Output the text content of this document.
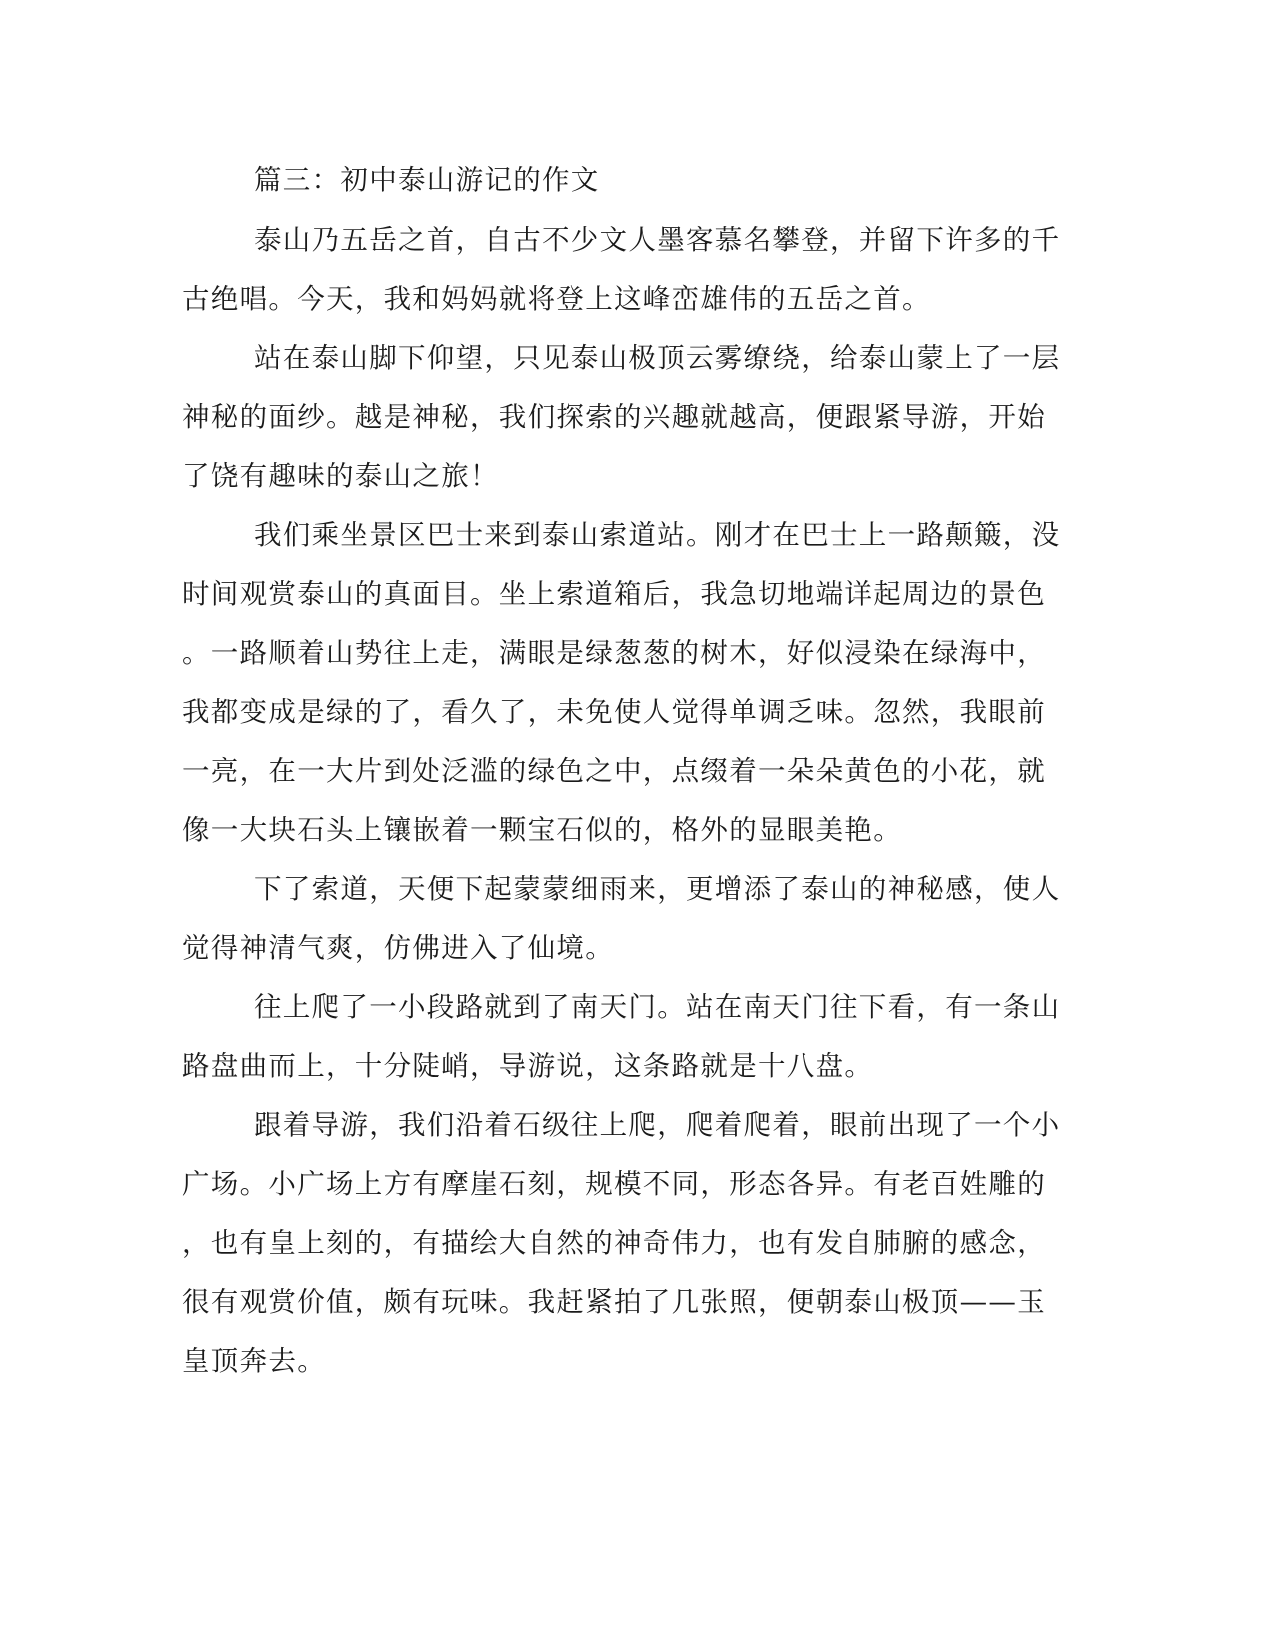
篇三：初中泰山游记的作文
泰山乃五岳之首，自古不少文人墨客慕名攀登，并留下许多的千
古绝唱。今天，我和妈妈就将登上这峰峦雄伟的五岳之首。
站在泰山脚下仰望，只见泰山极顶云雾缭绕，给泰山蒙上了一层
神秘的面纱。越是神秘，我们探索的兴趣就越高，便跟紧导游，开始
了饶有趣味的泰山之旅！
我们乘坐景区巴士来到泰山索道站。刚才在巴士上一路颠簸，没
时间观赏泰山的真面目。坐上索道箱后，我急切地端详起周边的景色
。一路顺着山势往上走，满眼是绿葱葱的树木，好似浸染在绿海中，
我都变成是绿的了，看久了，未免使人觉得单调乏味。忽然，我眼前
一亮，在一大片到处泛滥的绿色之中，点缀着一朵朵黄色的小花，就
像一大块石头上镶嵌着一颗宝石似的，格外的显眼美艳。
下了索道，天便下起蒙蒙细雨来，更增添了泰山的神秘感，使人
觉得神清气爽，仿佛进入了仙境。
往上爬了一小段路就到了南天门。站在南天门往下看，有一条山
路盘曲而上，十分陡峭，导游说，这条路就是十八盘。
跟着导游，我们沿着石级往上爬，爬着爬着，眼前出现了一个小
广场。小广场上方有摩崖石刻，规模不同，形态各异。有老百姓雕的
，也有皇上刻的，有描绘大自然的神奇伟力，也有发自肺腑的感念，
很有观赏价值，颇有玩味。我赶紧拍了几张照，便朝泰山极顶——玉
皇顶奔去。
